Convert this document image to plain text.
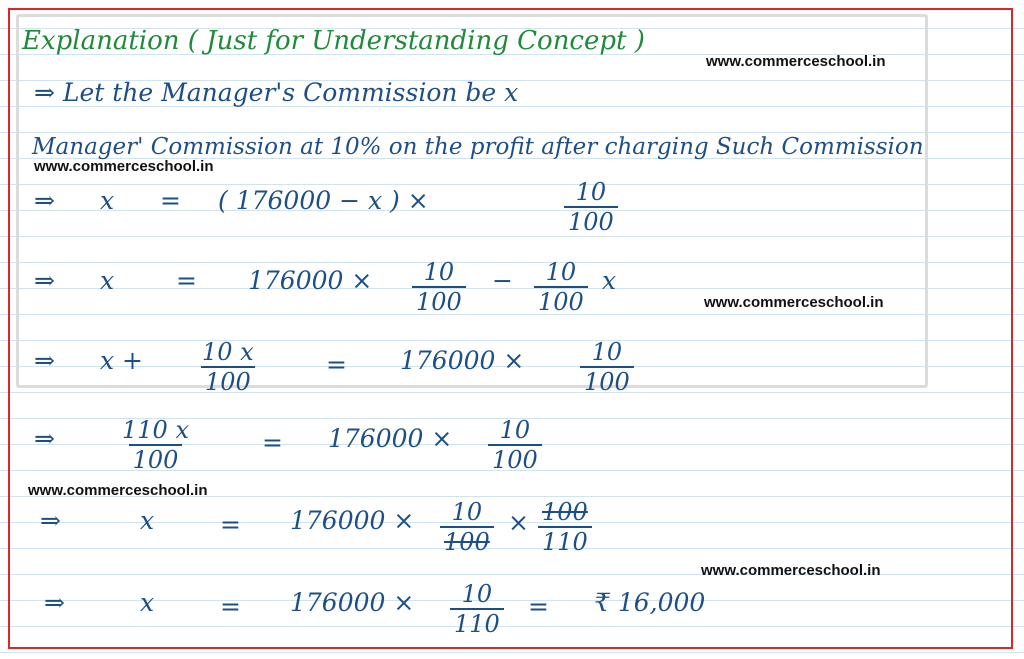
Explanation ( Just for Understanding Concept )
www.commerceschool.in
www.commerceschool.in
www.commerceschool.in
www.commerceschool.in
www.commerceschool.in
⇒ Let the Manager's Commission be x
Manager' Commission at 10% on the profit after charging Such Commission
⇒ x = ( 176000 − x ) ×	$\frac{10}{100}$
⇒ $x = 176000 \times \frac{10}{100} - \frac{10}{100}$ x
⇒ $x + \frac{10 x}{100}$	= $176000 \times \frac{10}{100}$
⇒	$\frac{110 x}{100}$	= $176000 \times \frac{10}{100}$
⇒	x	= $176000 \times \frac{10}{100} \times \frac{100}{110}$
⇒	x	= $176000 \times \frac{10}{110}$ = ₹ 16,000
